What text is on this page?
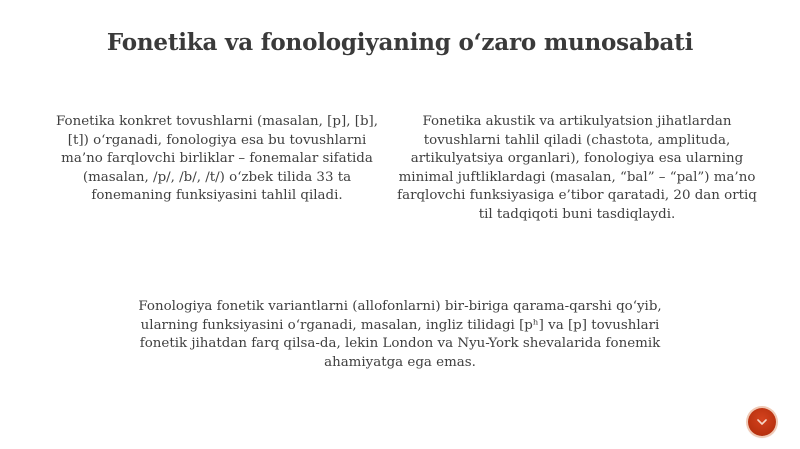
Fonetika va fonologiyaning o‘zaro munosabati
Fonetika konkret tovushlarni (masalan, [p], [b], [t]) o‘rganadi, fonologiya esa bu tovushlarni ma’no farqlovchi birliklar – fonemalar sifatida (masalan, /p/, /b/, /t/) o‘zbek tilida 33 ta fonemaning funksiyasini tahlil qiladi.
Fonetika akustik va artikulyatsion jihatlardan tovushlarni tahlil qiladi (chastota, amplituda, artikulyatsiya organlari), fonologiya esa ularning minimal juftliklardagi (masalan, “bal” – “pal”) ma’no farqlovchi funksiyasiga e’tibor qaratadi, 20 dan ortiq til tadqiqoti buni tasdiqlaydi.
Fonologiya fonetik variantlarni (allofonlarni) bir-biriga qarama-qarshi qo‘yib, ularning funksiyasini o‘rganadi, masalan, ingliz tilidagi [pʰ] va [p] tovushlari fonetik jihatdan farq qilsa-da, lekin London va Nyu-York shevalarida fonemik ahamiyatga ega emas.
